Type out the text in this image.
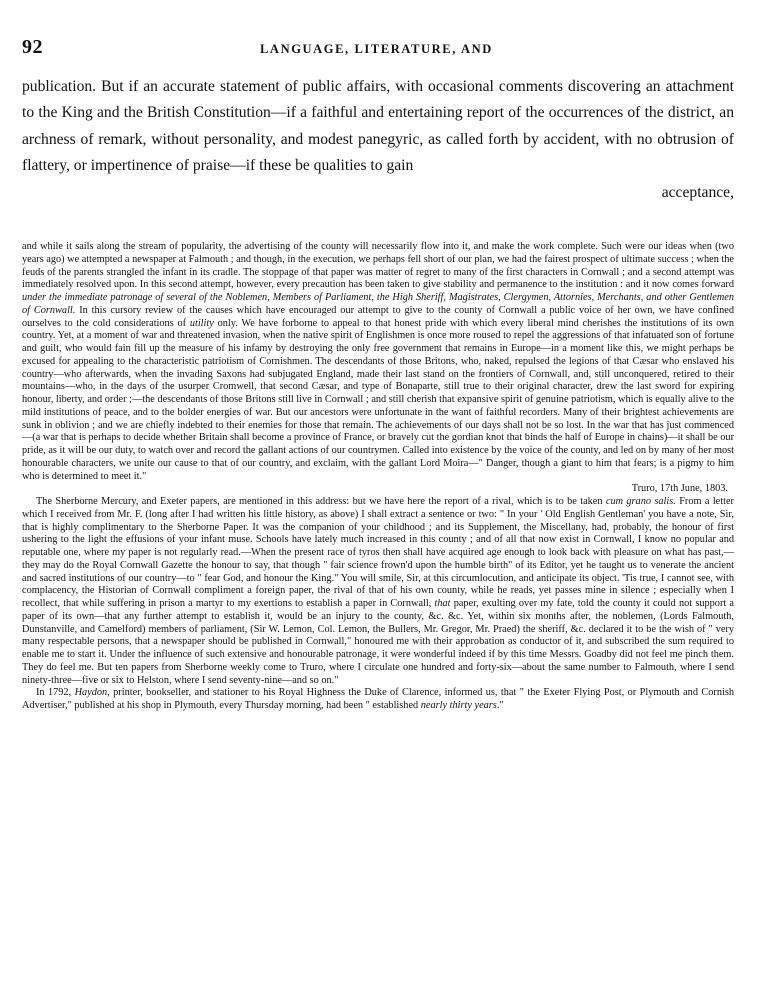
92	LANGUAGE, LITERATURE, AND

publication. But if an accurate statement of public affairs, with occasional comments discovering an attachment to the King and the British Constitution—if a faithful and entertaining report of the occurrences of the district, an archness of remark, without personality, and modest panegyric, as called forth by accident, with no obtrusion of flattery, or impertinence of praise—if these be qualities to gain

acceptance,

and while it sails along the stream of popularity, the advertising of the county will necessarily flow into it, and make the work complete. Such were our ideas when (two years ago) we attempted a newspaper at Falmouth ; and though, in the execution, we perhaps fell short of our plan, we had the fairest prospect of ultimate success ; when the feuds of the parents strangled the infant in its cradle. The stoppage of that paper was matter of regret to many of the first characters in Cornwall ; and a second attempt was immediately resolved upon. In this second attempt, however, every precaution has been taken to give stability and permanence to the institution : and it now comes forward under the immediate patronage of several of the Noblemen, Members of Parliament, the High Sheriff, Magistrates, Clergymen, Attornies, Merchants, and other Gentlemen of Cornwall. In this cursory review of the causes which have encouraged our attempt to give to the county of Cornwall a public voice of her own, we have confined ourselves to the cold considerations of utility only. We have forborne to appeal to that honest pride with which every liberal mind cherishes the institutions of its own country. Yet, at a moment of war and threatened invasion, when the native spirit of Englishmen is once more roused to repel the aggressions of that infatuated son of fortune and guilt, who would fain fill up the measure of his infamy by destroying the only free government that remains in Europe—in a moment like this, we might perhaps be excused for appealing to the characteristic patriotism of Cornishmen. The descendants of those Britons, who, naked, repulsed the legions of that Cæsar who enslaved his country—who afterwards, when the invading Saxons had subjugated England, made their last stand on the frontiers of Cornwall, and, still unconquered, retired to their mountains—who, in the days of the usurper Cromwell, that second Cæsar, and type of Bonaparte, still true to their original character, drew the last sword for expiring honour, liberty, and order ;—the descendants of those Britons still live in Cornwall ; and still cherish that expansive spirit of genuine patriotism, which is equally alive to the mild institutions of peace, and to the bolder energies of war. But our ancestors were unfortunate in the want of faithful recorders. Many of their brightest achievements are sunk in oblivion ; and we are chiefly indebted to their enemies for those that remain. The achievements of our days shall not be so lost. In the war that has just commenced—(a war that is perhaps to decide whether Britain shall become a province of France, or bravely cut the gordian knot that binds the half of Europe in chains)—it shall be our pride, as it will be our duty, to watch over and record the gallant actions of our countrymen. Called into existence by the voice of the county, and led on by many of her most honourable characters, we unite our cause to that of our country, and exclaim, with the gallant Lord Moira—" Danger, though a giant to him that fears; is a pigmy to him who is determined to meet it."

Truro, 17th June, 1803.

The Sherborne Mercury, and Exeter papers, are mentioned in this address: but we have here the report of a rival, which is to be taken cum grano salis. From a letter which I received from Mr. F. (long after I had written his little history, as above) I shall extract a sentence or two: " In your ' Old English Gentleman' you have a note, Sir, that is highly complimentary to the Sherborne Paper. It was the companion of your childhood ; and its Supplement, the Miscellany, had, probably, the honour of first ushering to the light the effusions of your infant muse. Schools have lately much increased in this county ; and of all that now exist in Cornwall, I know no popular and reputable one, where my paper is not regularly read.—When the present race of tyros then shall have acquired age enough to look back with pleasure on what has past,—they may do the Royal Cornwall Gazette the honour to say, that though " fair science frown'd upon the humble birth" of its Editor, yet he taught us to venerate the ancient and sacred institutions of our country—to " fear God, and honour the King." You will smile, Sir, at this circumlocution, and anticipate its object. 'Tis true, I cannot see, with complacency, the Historian of Cornwall compliment a foreign paper, the rival of that of his own county, while he reads, yet passes mine in silence ; especially when I recollect, that while suffering in prison a martyr to my exertions to establish a paper in Cornwall, that paper, exulting over my fate, told the county it could not support a paper of its own—that any further attempt to establish it, would be an injury to the county, &c. &c. Yet, within six months after, the noblemen, (Lords Falmouth, Dunstanville, and Camelford) members of parliament, (Sir W. Lemon, Col. Lemon, the Bullers, Mr. Gregor, Mr. Praed) the sheriff, &c. declared it to be the wish of " very many respectable persons, that a newspaper should be published in Cornwall," honoured me with their approbation as conductor of it, and subscribed the sum required to enable me to start it. Under the influence of such extensive and honourable patronage, it were wonderful indeed if by this time Messrs. Goadby did not feel me pinch them. They do feel me. But ten papers from Sherborne weekly come to Truro, where I circulate one hundred and forty-six—about the same number to Falmouth, where I send ninety-three—five or six to Helston, where I send seventy-nine—and so on."

In 1792, Haydon, printer, bookseller, and stationer to his Royal Highness the Duke of Clarence, informed us, that " the Exeter Flying Post, or Plymouth and Cornish Advertiser," published at his shop in Plymouth, every Thursday morning, had been " established nearly thirty years."
